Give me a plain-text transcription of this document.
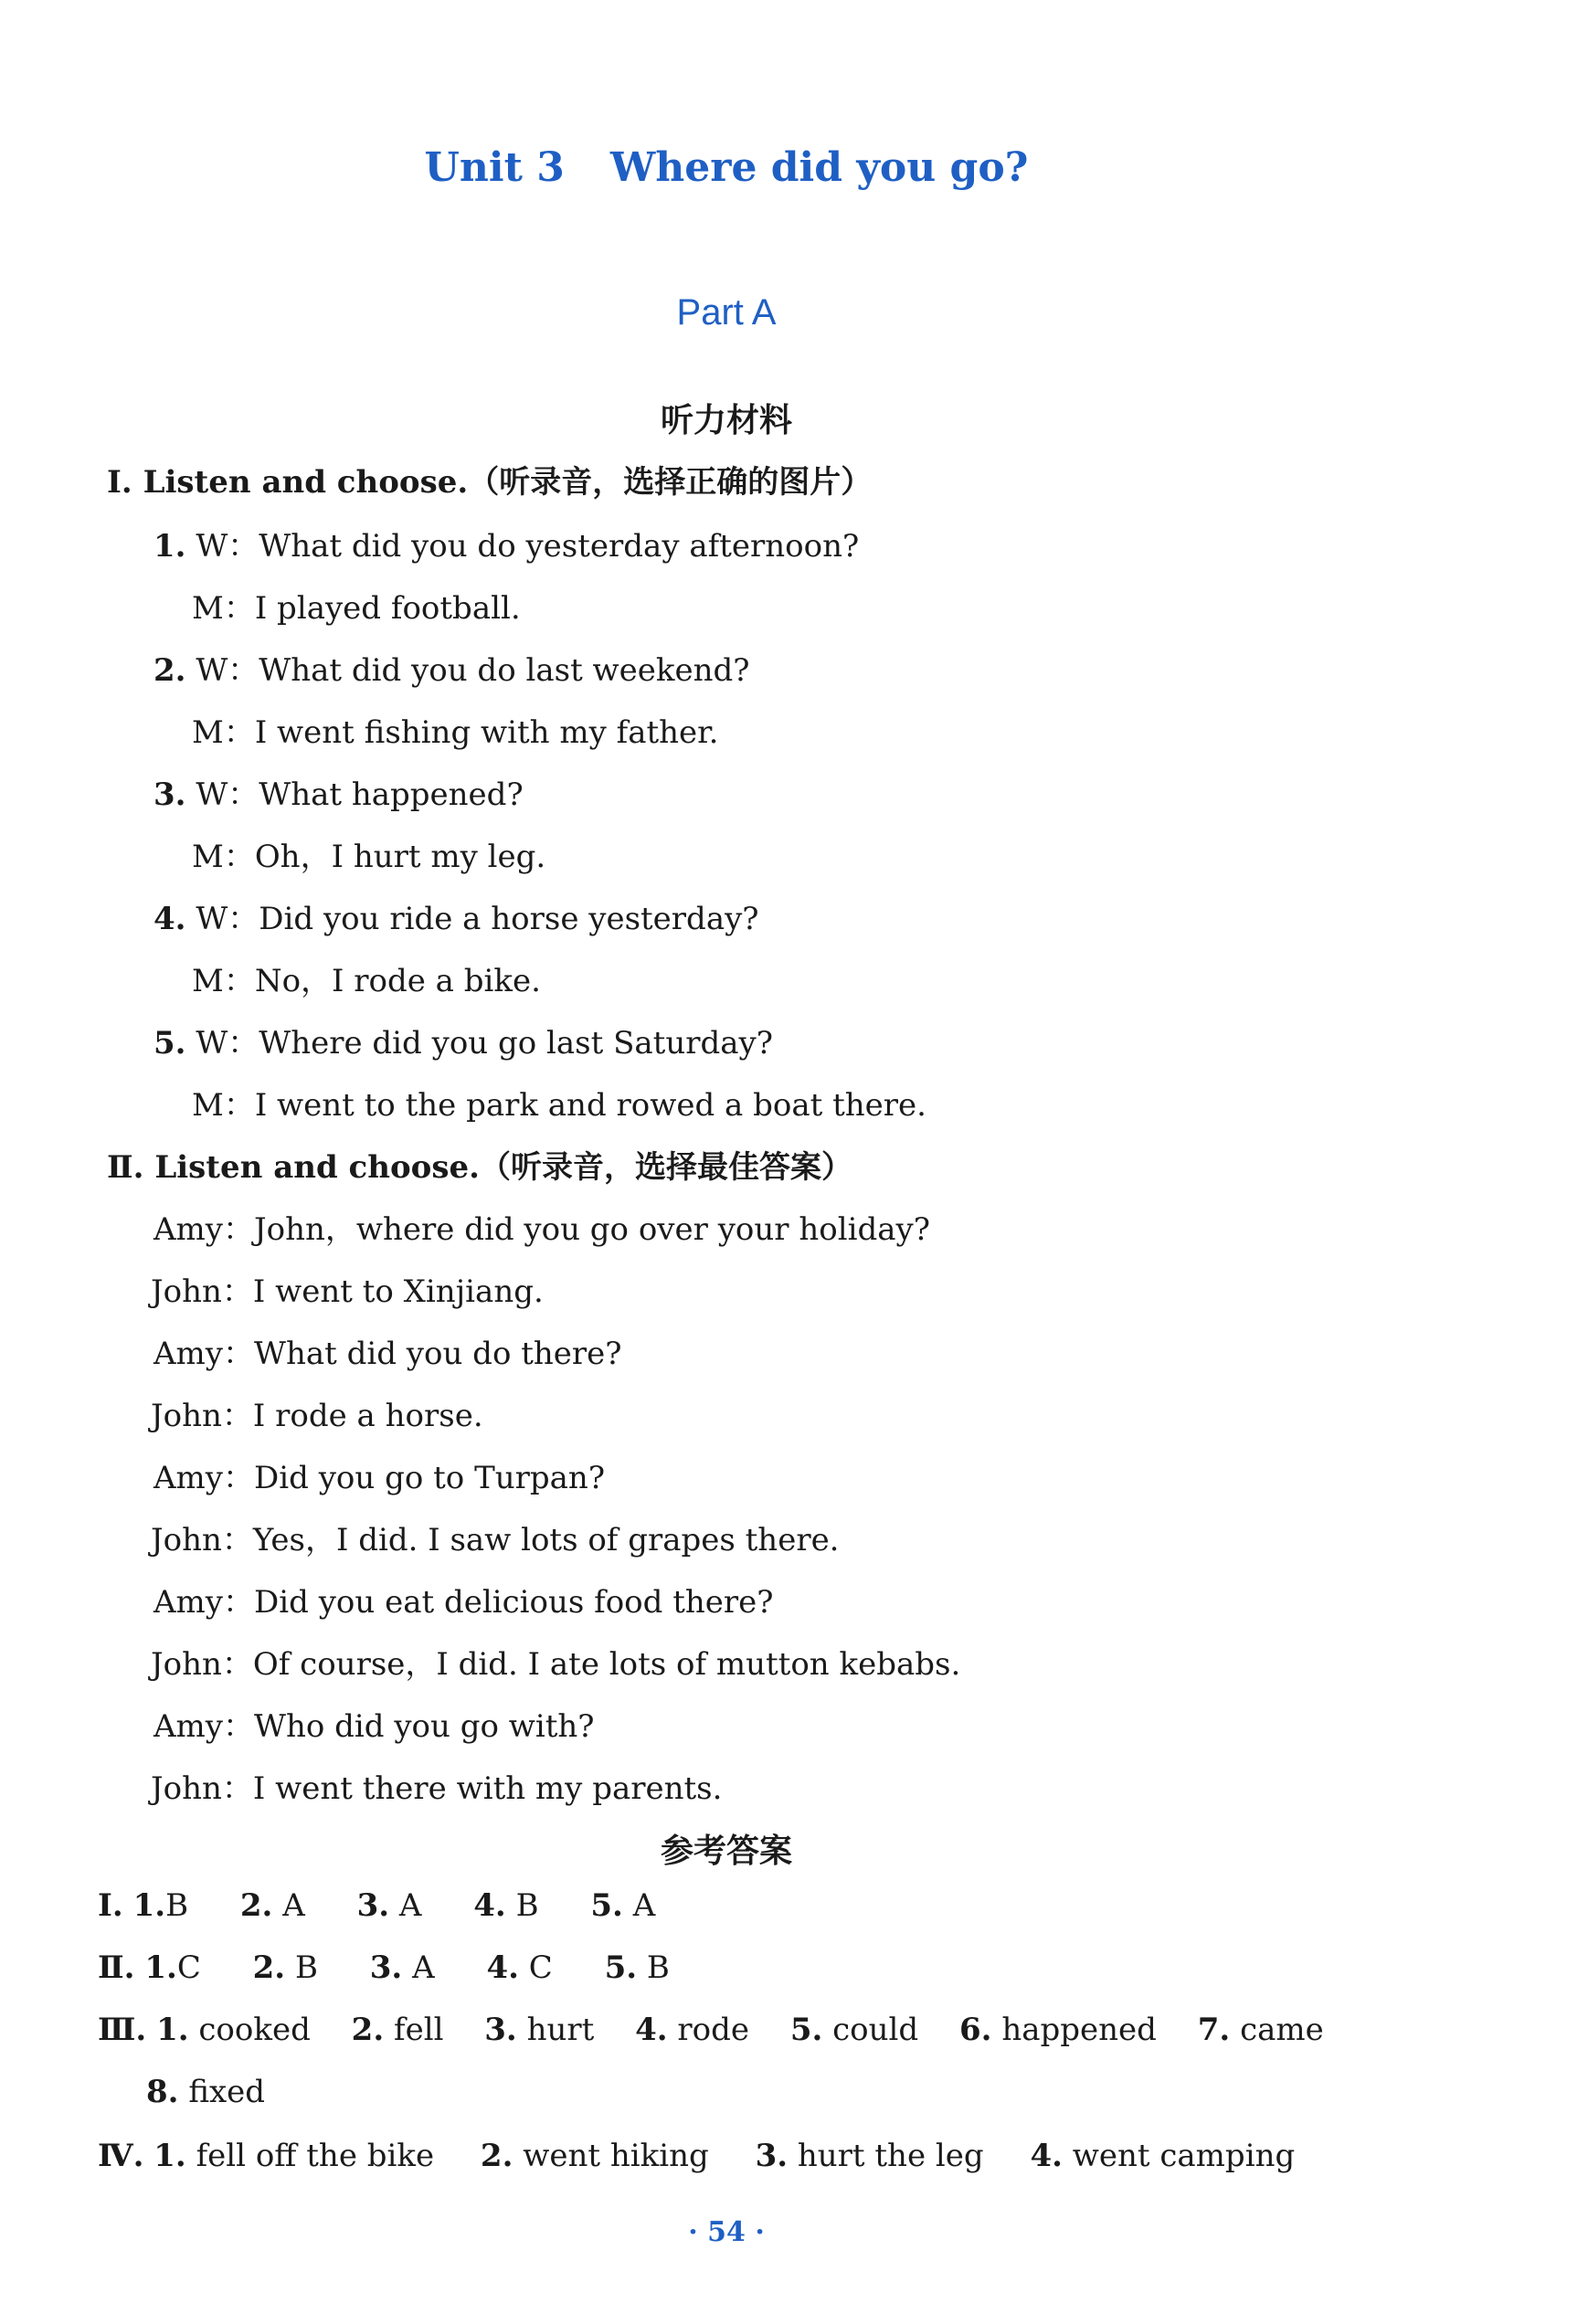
Unit 3 Where did you go?
Part A
听力材料
Ⅰ. Listen and choose.（听录音，选择正确的图片）
1. W：What did you do yesterday afternoon?
M：I played football.
2. W：What did you do last weekend?
M：I went fishing with my father.
3. W：What happened?
M：Oh，I hurt my leg.
4. W：Did you ride a horse yesterday?
M：No，I rode a bike.
5. W：Where did you go last Saturday?
M：I went to the park and rowed a boat there.
Ⅱ. Listen and choose.（听录音，选择最佳答案）
Amy：John，where did you go over your holiday?
John：I went to Xinjiang.
Amy：What did you do there?
John：I rode a horse.
Amy：Did you go to Turpan?
John：Yes，I did. I saw lots of grapes there.
Amy：Did you eat delicious food there?
John：Of course，I did. I ate lots of mutton kebabs.
Amy：Who did you go with?
John：I went there with my parents.
参考答案
Ⅰ. 1.B 2. A 3. A 4. B 5. A
Ⅱ. 1.C 2. B 3. A 4. C 5. B
Ⅲ. 1. cooked 2. fell 3. hurt 4. rode 5. could 6. happened 7. came
8. fixed
Ⅳ. 1. fell off the bike 2. went hiking 3. hurt the leg 4. went camping
· 54 ·
